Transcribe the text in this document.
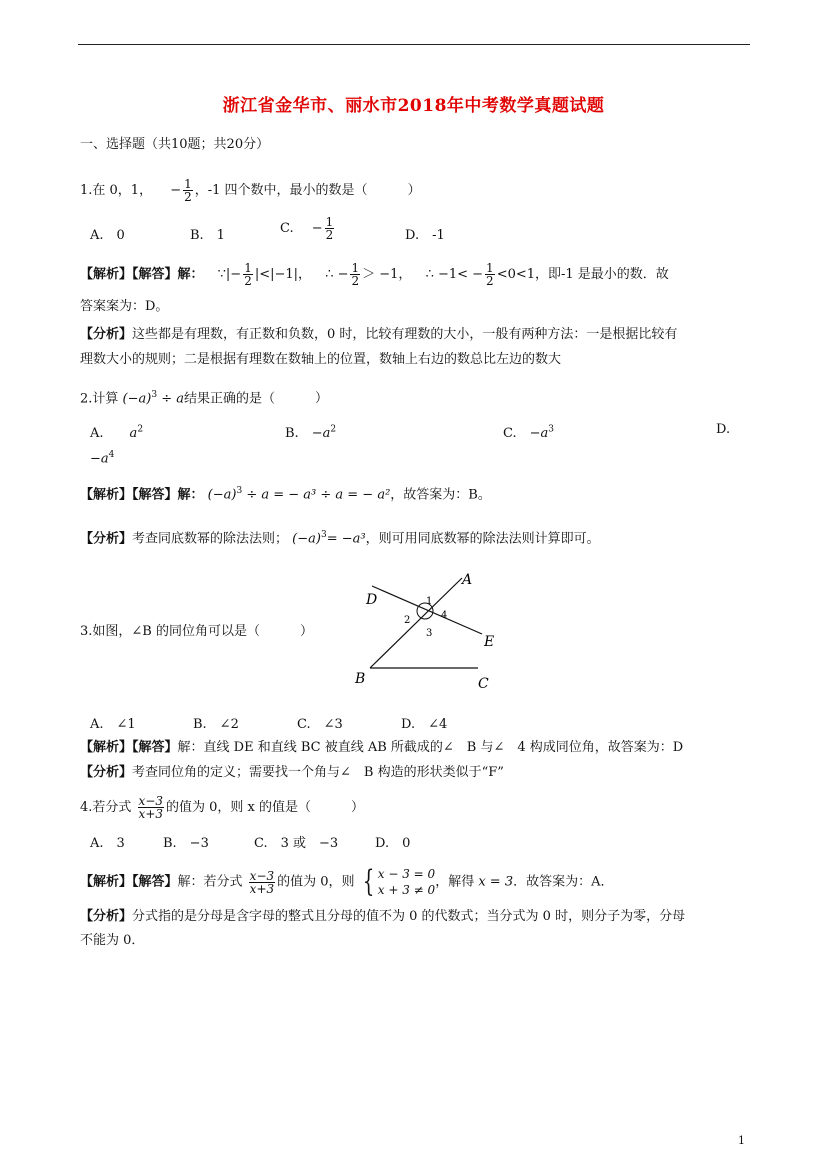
浙江省金华市、丽水市2018年中考数学真题试题
一、选择题（共10题；共20分）
1.在 0，1， − $\frac{1}{2}$ ，-1 四个数中，最小的数是（	）
A.　0	B.　1	C. − $\frac{1}{2}$	D.　-1
【解析】【解答】解： ∵|− $\frac{1}{2} |<|-1|$， ∴ − $\frac{1}{2} > -1$， ∴ $-1< - \frac{1}{2} <0<1$，即-1 是最小的数．故
答案案为：D。
【分析】这些都是有理数，有正数和负数，0 时，比较有理数的大小，一般有两种方法：一是根据比较有
理数大小的规则；二是根据有理数在数轴上的位置，数轴上右边的数总比左边的数大
2.计算 $(-a)^3 \div a$结果正确的是（	）
A.　　 $a^2$	B.　 $-a^2$	C.　 $-a^3$	D.
$-a^4$
【解析】【解答】解： $(-a)^3 \div a$ = − a³ ÷ a = − a²，故答案为：B。
【分析】考查同底数幂的除法法则； $(-a)^3= -a^3$，则可用同底数幂的除法法则计算即可。
3.如图，∠B 的同位角可以是（	）
A
B	C
D
E
1
2
3
4
A.　∠1	B.　∠2	C.　∠3	D.　∠4
【解析】【解答】解：直线 DE 和直线 BC 被直线 AB 所截成的∠　B 与∠　4 构成同位角，故答案为：D
【分析】考查同位角的定义；需要找一个角与∠　B 构造的形状类似于“F”
4.若分式 $\frac{x-3}{x+3}$ 的值为 0，则 x 的值是（	）
A.　3	B.　−3	C.　3 或　−3	D.　0
【解析】【解答】解：若分式 $\frac{x-3}{x+3}$ 的值为 0，则 { x − 3 = 0
x + 3 ≠ 0
，解得 x = 3．故答案为：A．
【分析】分式指的是分母是含字母的整式且分母的值不为 0 的代数式；当分式为 0 时，则分子为零，分母
不能为 0．
1
